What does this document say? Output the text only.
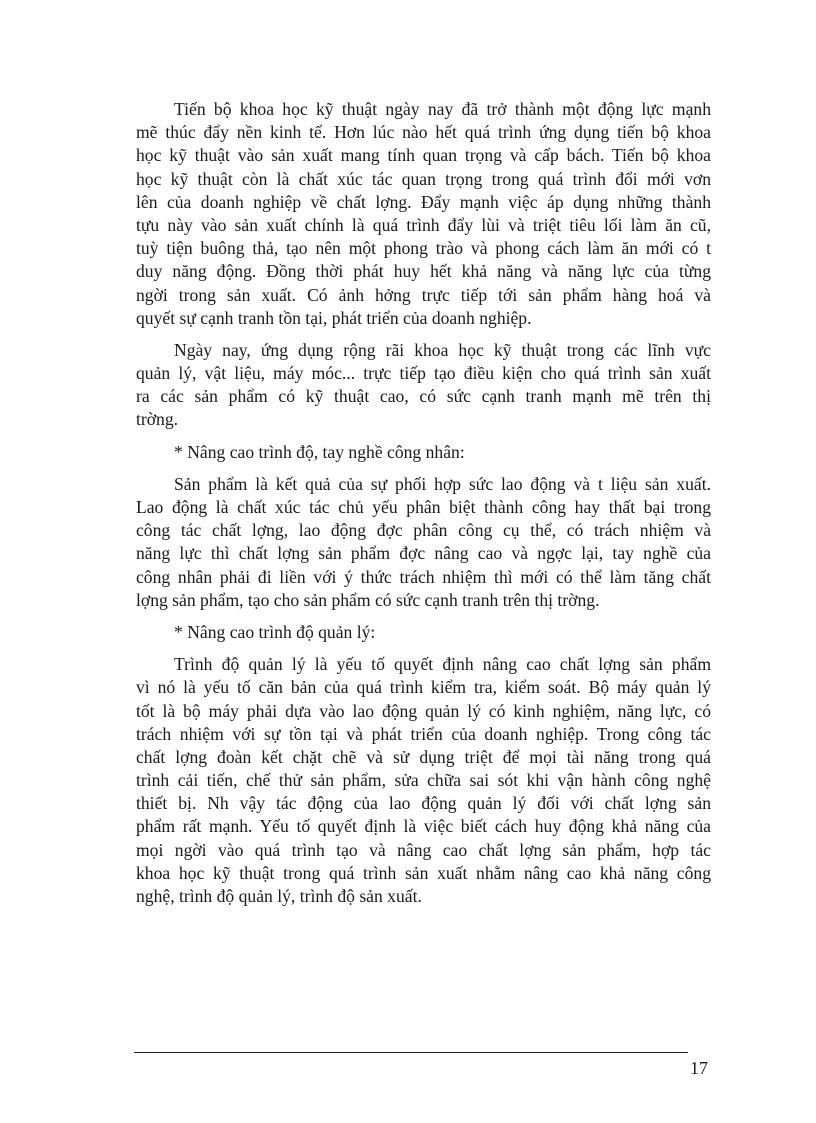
Tiến bộ khoa học kỹ thuật ngày nay đã trở thành một động lực mạnh
mẽ thúc đẩy nền kinh tế. Hơn lúc nào hết quá trình ứng dụng tiến bộ khoa
học kỹ thuật vào sản xuất mang tính quan trọng và cấp bách. Tiến bộ khoa
học kỹ thuật còn là chất xúc tác quan trọng trong quá trình đổi mới vơn
lên của doanh nghiệp về chất lợng. Đẩy mạnh việc áp dụng những thành
tựu này vào sản xuất chính là quá trình đẩy lùi và triệt tiêu lối làm ăn cũ,
tuỳ tiện buông thả, tạo nên một phong trào và phong cách làm ăn mới có t
duy năng động. Đồng thời phát huy hết khả năng và năng lực của từng
ngời trong sản xuất. Có ảnh hởng trực tiếp tới sản phẩm hàng hoá và
quyết sự cạnh tranh tồn tại, phát triển của doanh nghiệp.
Ngày nay, ứng dụng rộng rãi khoa học kỹ thuật trong các lĩnh vực
quản lý, vật liệu, máy móc... trực tiếp tạo điều kiện cho quá trình sản xuất
ra các sản phẩm có kỹ thuật cao, có sức cạnh tranh mạnh mẽ trên thị
trờng.
* Nâng cao trình độ, tay nghề công nhân:
Sản phẩm là kết quả của sự phối hợp sức lao động và t liệu sản xuất.
Lao động là chất xúc tác chủ yếu phân biệt thành công hay thất bại trong
công tác chất lợng, lao động đợc phân công cụ thể, có trách nhiệm và
năng lực thì chất lợng sản phẩm đợc nâng cao và ngợc lại, tay nghề của
công nhân phải đi liền với ý thức trách nhiệm thì mới có thể làm tăng chất
lợng sản phẩm, tạo cho sản phẩm có sức cạnh tranh trên thị trờng.
* Nâng cao trình độ quản lý:
Trình độ quản lý là yếu tố quyết định nâng cao chất lợng sản phẩm
vì nó là yếu tố căn bản của quá trình kiểm tra, kiểm soát. Bộ máy quản lý
tốt là bộ máy phải dựa vào lao động quản lý có kinh nghiệm, năng lực, có
trách nhiệm với sự tồn tại và phát triển của doanh nghiệp. Trong công tác
chất lợng đoàn kết chặt chẽ và sử dụng triệt để mọi tài năng trong quá
trình cải tiến, chế thử sản phẩm, sửa chữa sai sót khi vận hành công nghệ
thiết bị. Nh vậy tác động của lao động quản lý đối với chất lợng sản
phẩm rất mạnh. Yếu tố quyết định là việc biết cách huy động khả năng của
mọi ngời vào quá trình tạo và nâng cao chất lợng sản phẩm, hợp tác
khoa học kỹ thuật trong quá trình sản xuất nhằm nâng cao khả năng công
nghệ, trình độ quản lý, trình độ sản xuất.
17
